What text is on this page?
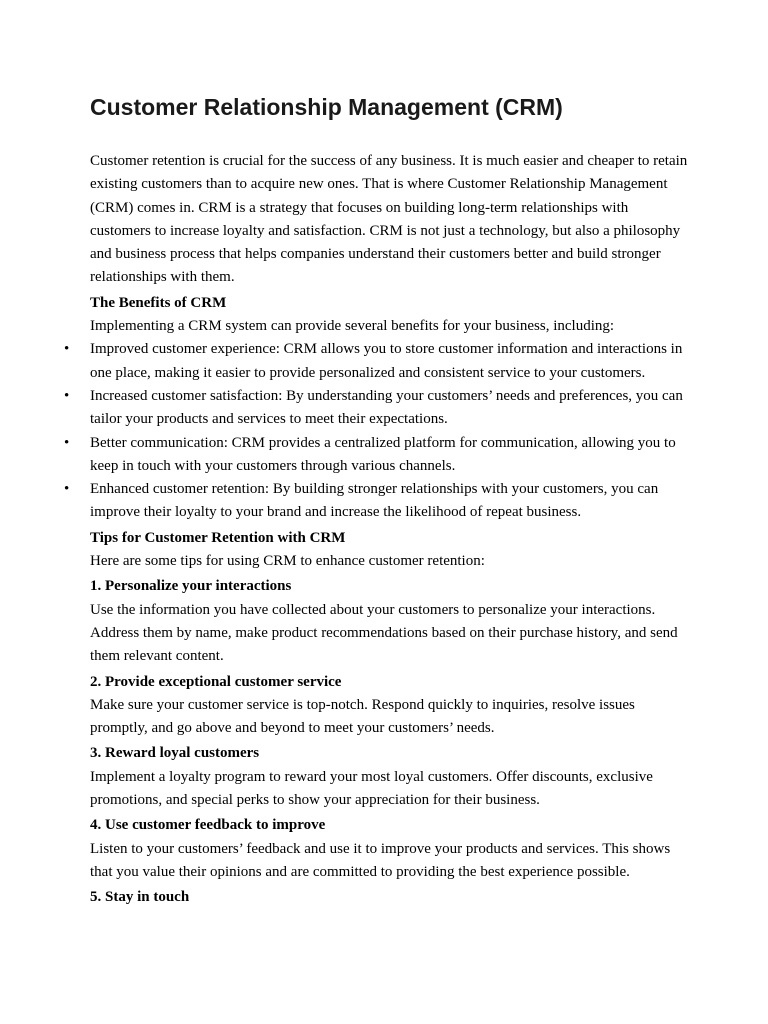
Customer Relationship Management (CRM)

Customer retention is crucial for the success of any business. It is much easier and cheaper to retain existing customers than to acquire new ones. That is where Customer Relationship Management (CRM) comes in. CRM is a strategy that focuses on building long-term relationships with customers to increase loyalty and satisfaction. CRM is not just a technology, but also a philosophy and business process that helps companies understand their customers better and build stronger relationships with them.

The Benefits of CRM

Implementing a CRM system can provide several benefits for your business, including:

• Improved customer experience: CRM allows you to store customer information and interactions in one place, making it easier to provide personalized and consistent service to your customers.
• Increased customer satisfaction: By understanding your customers’ needs and preferences, you can tailor your products and services to meet their expectations.
• Better communication: CRM provides a centralized platform for communication, allowing you to keep in touch with your customers through various channels.
• Enhanced customer retention: By building stronger relationships with your customers, you can improve their loyalty to your brand and increase the likelihood of repeat business.

Tips for Customer Retention with CRM

Here are some tips for using CRM to enhance customer retention:

1. Personalize your interactions

Use the information you have collected about your customers to personalize your interactions. Address them by name, make product recommendations based on their purchase history, and send them relevant content.

2. Provide exceptional customer service

Make sure your customer service is top-notch. Respond quickly to inquiries, resolve issues promptly, and go above and beyond to meet your customers’ needs.

3. Reward loyal customers

Implement a loyalty program to reward your most loyal customers. Offer discounts, exclusive promotions, and special perks to show your appreciation for their business.

4. Use customer feedback to improve

Listen to your customers’ feedback and use it to improve your products and services. This shows that you value their opinions and are committed to providing the best experience possible.

5. Stay in touch
